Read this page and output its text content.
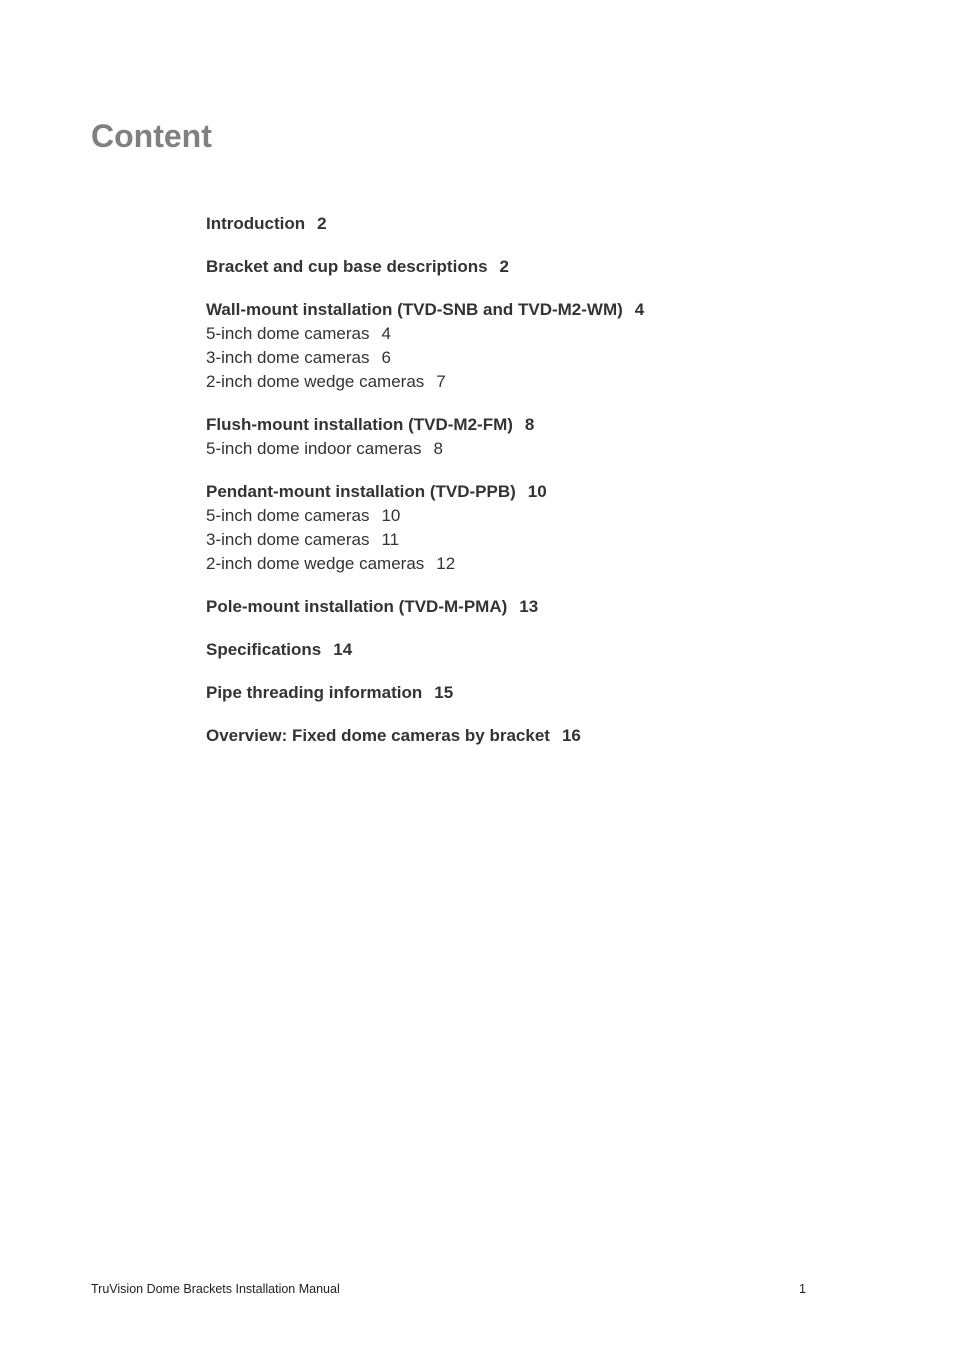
Content
Introduction 2
Bracket and cup base descriptions 2
Wall-mount installation (TVD-SNB and TVD-M2-WM) 4
5-inch dome cameras 4
3-inch dome cameras 6
2-inch dome wedge cameras 7
Flush-mount installation (TVD-M2-FM) 8
5-inch dome indoor cameras 8
Pendant-mount installation (TVD-PPB) 10
5-inch dome cameras 10
3-inch dome cameras 11
2-inch dome wedge cameras 12
Pole-mount installation (TVD-M-PMA) 13
Specifications 14
Pipe threading information 15
Overview: Fixed dome cameras by bracket 16
TruVision Dome Brackets Installation Manual	1
